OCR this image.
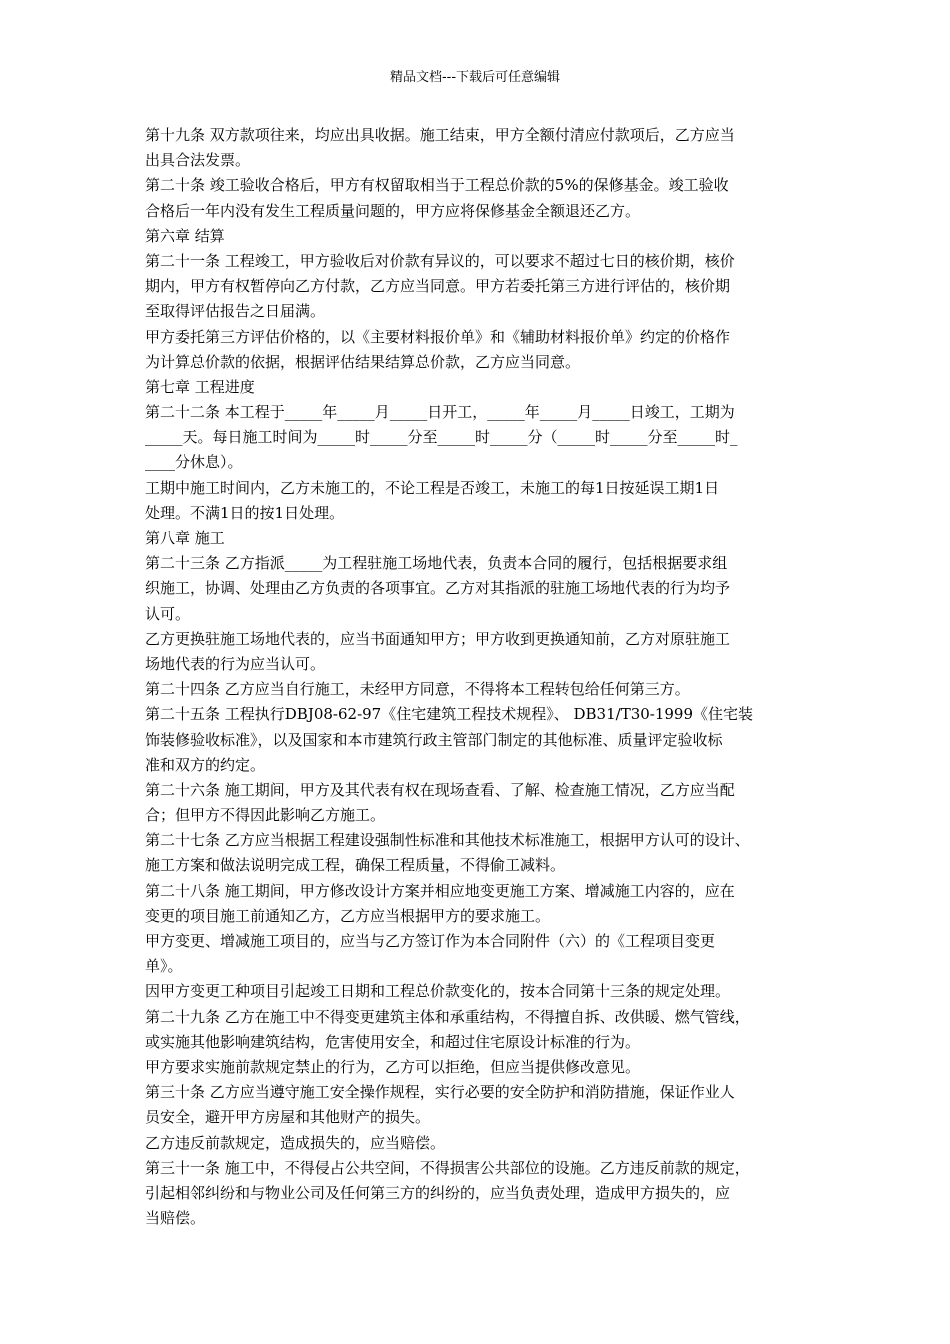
精品文档---下载后可任意编辑
第十九条 双方款项往来，均应出具收据。施工结束，甲方全额付清应付款项后，乙方应当
出具合法发票。
第二十条 竣工验收合格后，甲方有权留取相当于工程总价款的5%的保修基金。竣工验收
合格后一年内没有发生工程质量问题的，甲方应将保修基金全额退还乙方。
第六章 结算
第二十一条 工程竣工，甲方验收后对价款有异议的，可以要求不超过七日的核价期，核价
期内，甲方有权暂停向乙方付款，乙方应当同意。甲方若委托第三方进行评估的，核价期
至取得评估报告之日届满。
甲方委托第三方评估价格的，以《主要材料报价单》和《辅助材料报价单》约定的价格作
为计算总价款的依据，根据评估结果结算总价款，乙方应当同意。
第七章 工程进度
第二十二条 本工程于_____年_____月_____日开工，_____年_____月_____日竣工，工期为
_____天。每日施工时间为_____时_____分至_____时_____分（_____时_____分至_____时_
____分休息）。
工期中施工时间内，乙方未施工的，不论工程是否竣工，未施工的每1日按延误工期1日
处理。不满1日的按1日处理。
第八章 施工
第二十三条 乙方指派_____为工程驻施工场地代表，负责本合同的履行，包括根据要求组
织施工，协调、处理由乙方负责的各项事宜。乙方对其指派的驻施工场地代表的行为均予
认可。
乙方更换驻施工场地代表的，应当书面通知甲方；甲方收到更换通知前，乙方对原驻施工
场地代表的行为应当认可。
第二十四条 乙方应当自行施工，未经甲方同意，不得将本工程转包给任何第三方。
第二十五条 工程执行DBJ08-62-97《住宅建筑工程技术规程》、 DB31/T30-1999《住宅装
饰装修验收标准》，以及国家和本市建筑行政主管部门制定的其他标准、质量评定验收标
准和双方的约定。
第二十六条 施工期间，甲方及其代表有权在现场查看、了解、检查施工情况，乙方应当配
合；但甲方不得因此影响乙方施工。
第二十七条 乙方应当根据工程建设强制性标准和其他技术标准施工，根据甲方认可的设计、
施工方案和做法说明完成工程，确保工程质量，不得偷工减料。
第二十八条 施工期间，甲方修改设计方案并相应地变更施工方案、增减施工内容的，应在
变更的项目施工前通知乙方，乙方应当根据甲方的要求施工。
甲方变更、增减施工项目的，应当与乙方签订作为本合同附件（六）的《工程项目变更
单》。
因甲方变更工种项目引起竣工日期和工程总价款变化的，按本合同第十三条的规定处理。
第二十九条 乙方在施工中不得变更建筑主体和承重结构，不得擅自拆、改供暖、燃气管线，
或实施其他影响建筑结构，危害使用安全，和超过住宅原设计标准的行为。
甲方要求实施前款规定禁止的行为，乙方可以拒绝，但应当提供修改意见。
第三十条 乙方应当遵守施工安全操作规程，实行必要的安全防护和消防措施，保证作业人
员安全，避开甲方房屋和其他财产的损失。
乙方违反前款规定，造成损失的，应当赔偿。
第三十一条 施工中，不得侵占公共空间，不得损害公共部位的设施。乙方违反前款的规定，
引起相邻纠纷和与物业公司及任何第三方的纠纷的，应当负责处理，造成甲方损失的，应
当赔偿。
